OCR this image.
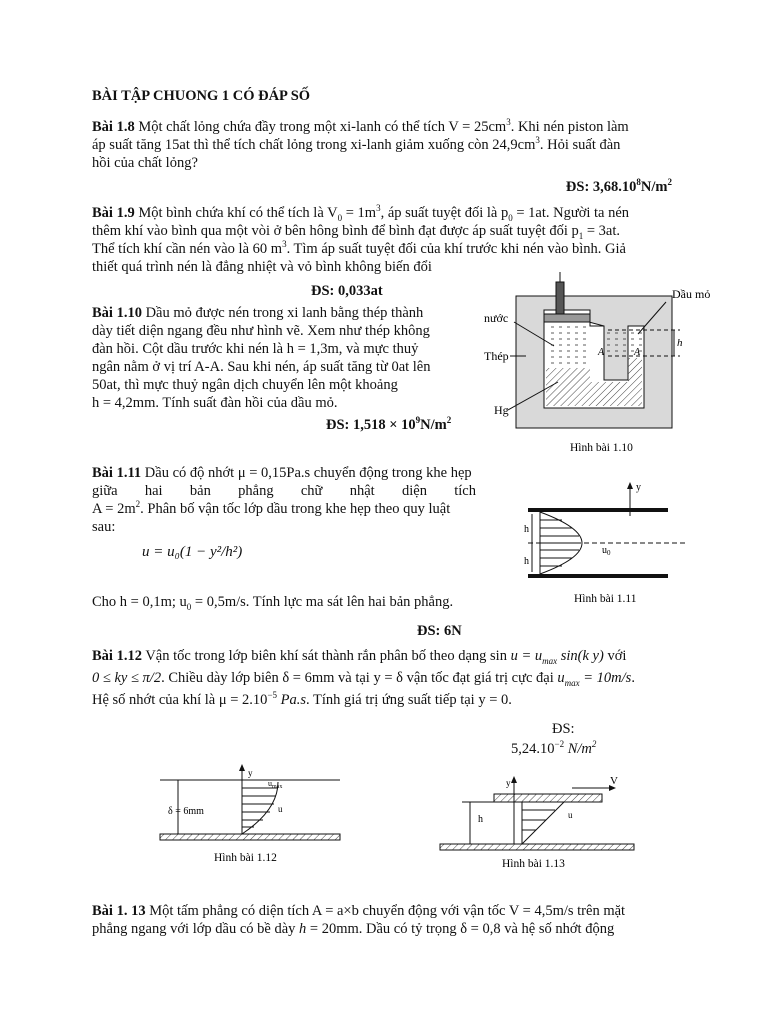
BÀI TẬP CHUONG 1 CÓ ĐÁP SỐ
Bài 1.8 Một chất lỏng chứa đầy trong một xi-lanh có thể tích $V = 25cm^3$. Khi nén piston làm
áp suất tăng 15at thì thể tích chất lỏng trong xi-lanh giảm xuống còn $24,9cm^3$. Hỏi suất đàn
hồi của chất lỏng?
ĐS: $3,68.10^8N/m^2$
Bài 1.9 Một bình chứa khí có thể tích là $V_0 = 1m^3$, áp suất tuyệt đối là $p_0 = 1at$. Người ta nén
thêm khí vào bình qua một vòi ở bên hông bình để bình đạt được áp suất tuyệt đối $p_1 = 3at$.
Thể tích khí cần nén vào là 60 $m^3$. Tìm áp suất tuyệt đối của khí trước khi nén vào bình. Giả
thiết quá trình nén là đẳng nhiệt và vỏ bình không biến đổi
ĐS: 0,033at
Bài 1.10 Dầu mỏ được nén trong xi lanh bằng thép thành
dày tiết diện ngang đều như hình vẽ. Xem như thép không
đàn hồi. Cột dầu trước khi nén là h = 1,3m, và mực thuỷ
ngân nằm ở vị trí A-A. Sau khi nén, áp suất tăng từ 0at lên
50at, thì mực thuỷ ngân dịch chuyển lên một khoảng
h = 4,2mm. Tính suất đàn hồi của dầu mỏ.
ĐS: $1,518 \times 10^9N/m^2$
Dầu mỏ
nước
Thép
Hg
h
A	A
Hình bài 1.10
Bài 1.11 Dầu có độ nhớt μ = 0,15Pa.s chuyển động trong khe hẹp
giữa hai bản phẳng chữ nhật diện tích
$A = 2m^2$. Phân bố vận tốc lớp dầu trong khe hẹp theo quy luật
sau:
u = u₀(1 − y²/h²)
Cho h = 0,1m; $u_0 = 0,5m/s$. Tính lực ma sát lên hai bản phẳng.
ĐS: 6N
y
h
h
$u_0$
Hình bài 1.11
Bài 1.12 Vận tốc trong lớp biên khí sát thành rắn phân bố theo dạng $\sin u = u_{max}$ sin(k y) với
0 ≤ ky ≤ π/2. Chiều dày lớp biên δ = 6mm và tại y = δ vận tốc đạt giá trị cực đại $u_{max} = 10m/s$.
Hệ số nhớt của khí là $\mu = 2.10^{-5}$ Pa.s. Tính giá trị ứng suất tiếp tại y = 0.
ĐS:
$5,24.10^{-2}$ $N/m^2$
y
δ = 6mm
$u_{max}$
u
Hình bài 1.12
y	V
h	u
Hình bài 1.13
Bài 1. 13 Một tấm phẳng có diện tích A = a×b chuyển động với vận tốc V = 4,5m/s trên mặt
phẳng ngang với lớp dầu có bề dày h = 20mm. Dầu có tỷ trọng δ = 0,8 và hệ số nhớt động
